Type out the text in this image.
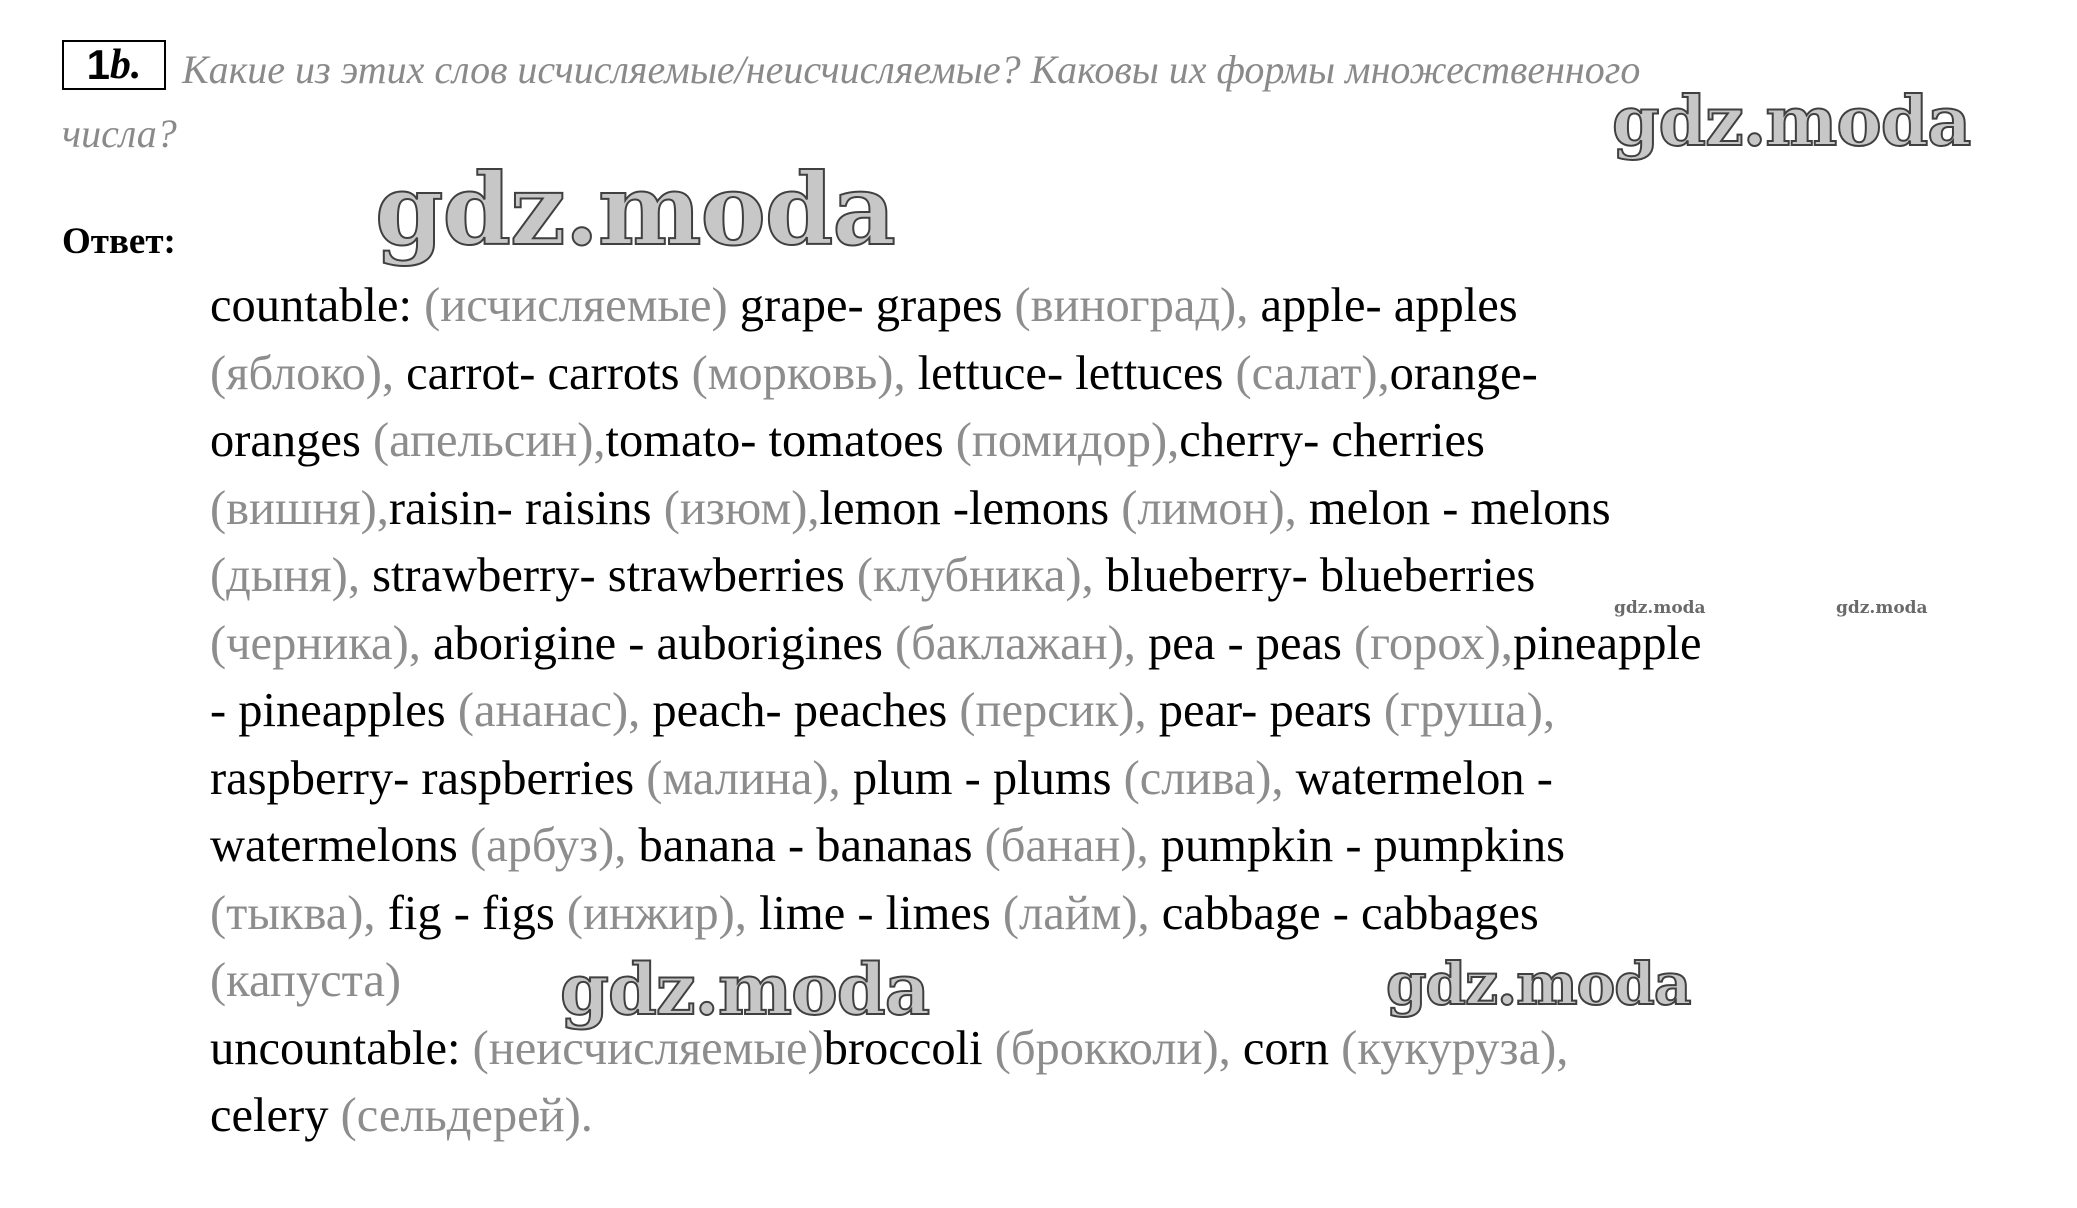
1 b.	Какие из этих слов исчисляемые/неисчисляемые? Каковы их формы множественного числа?
Ответ:
countable: (исчисляемые) grape- grapes (виноград), apple- apples
(яблоко), carrot- carrots (морковь), lettuce- lettuces (салат),orange-
oranges (апельсин),tomato- tomatoes (помидор),cherry- cherries
(вишня),raisin- raisins (изюм),lemon -lemons (лимон), melon - melons
(дыня), strawberry- strawberries (клубника), blueberry- blueberries
(черника), aborigine - auborigines (баклажан), pea - peas (горох),pineapple
- pineapples (ананас), peach- peaches (персик), pear- pears (груша),
raspberry- raspberries (малина), plum - plums (слива), watermelon -
watermelons (арбуз), banana - bananas (банан), pumpkin - pumpkins
(тыква), fig - figs (инжир), lime - limes (лайм), cabbage - cabbages
(капуста)
uncountable: (неисчисляемые)broccoli (брокколи), corn (кукуруза),
celery (сельдерей).
gdz.moda
gdz.moda
gdz.moda	gdz.moda
gdz.moda	gdz.moda
